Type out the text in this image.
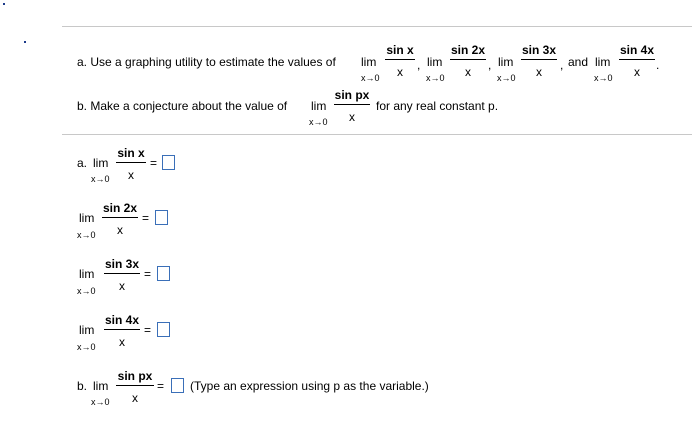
a. Use a graphing utility to estimate the values of lim
x→0
sin x
x	, lim
x→0
sin 2x
x	, lim
x→0
sin 3x
x	, and lim
x→0
sin 4x
x	.
b. Make a conjecture about the value of lim
x→0
sin px
x
for any real constant p.
a. lim
x→0
sin x
x
=
lim
x→0
sin 2x
x
=
lim
x→0
sin 3x
x
=
lim
x→0
sin 4x
x
=
b. lim
x→0
sin px
x
= (Type an expression using p as the variable.)
